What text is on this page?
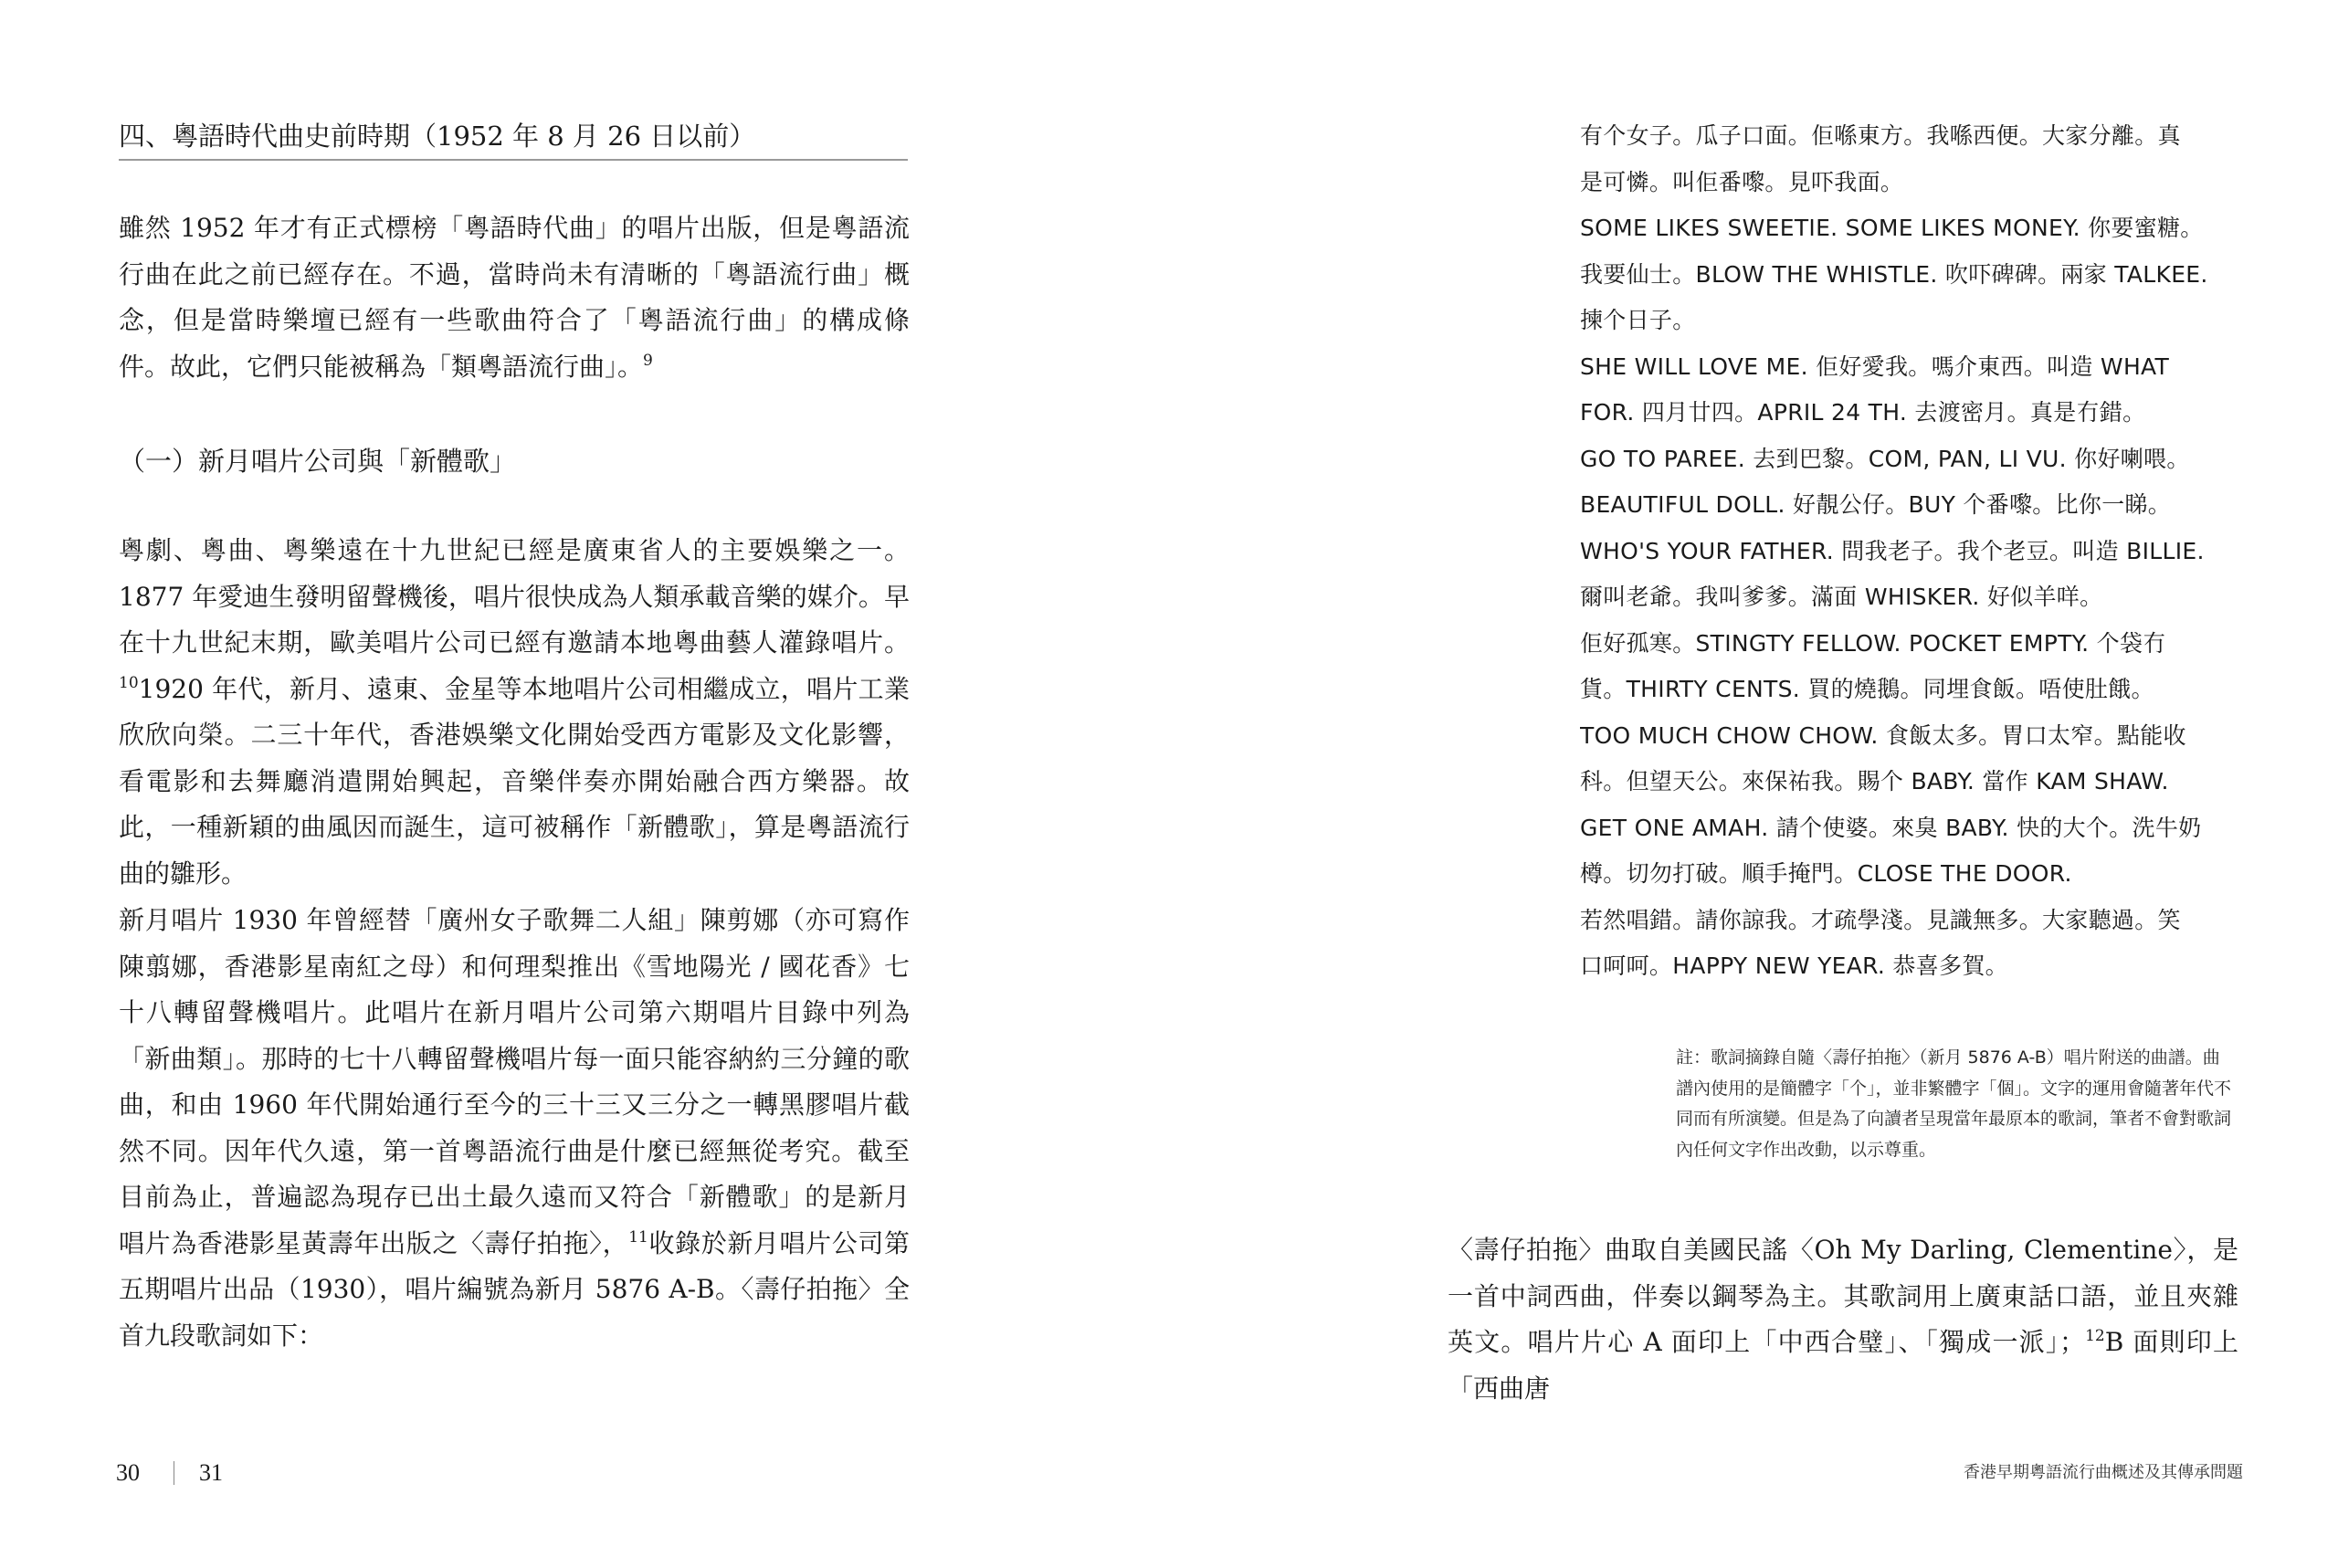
四、粵語時代曲史前時期（1952 年 8 月 26 日以前）

雖然 1952 年才有正式標榜「粵語時代曲」的唱片出版，但是粵語流行曲在此之前已經存在。不過，當時尚未有清晰的「粵語流行曲」概念，但是當時樂壇已經有一些歌曲符合了「粵語流行曲」的構成條件。故此，它們只能被稱為「類粵語流行曲」。$^9$

（一）新月唱片公司與「新體歌」

粵劇、粵曲、粵樂遠在十九世紀已經是廣東省人的主要娛樂之一。1877 年愛迪生發明留聲機後，唱片很快成為人類承載音樂的媒介。早在十九世紀末期，歐美唱片公司已經有邀請本地粵曲藝人灌錄唱片。$^{10}$1920 年代，新月、遠東、金星等本地唱片公司相繼成立，唱片工業欣欣向榮。二三十年代，香港娛樂文化開始受西方電影及文化影響，看電影和去舞廳消遣開始興起，音樂伴奏亦開始融合西方樂器。故此，一種新穎的曲風因而誕生，這可被稱作「新體歌」，算是粵語流行曲的雛形。

新月唱片 1930 年曾經替「廣州女子歌舞二人組」陳剪娜（亦可寫作陳翦娜，香港影星南紅之母）和何理梨推出《雪地陽光 / 國花香》七十八轉留聲機唱片。此唱片在新月唱片公司第六期唱片目錄中列為「新曲類」。那時的七十八轉留聲機唱片每一面只能容納約三分鐘的歌曲，和由 1960 年代開始通行至今的三十三又三分之一轉黑膠唱片截然不同。因年代久遠，第一首粵語流行曲是什麼已經無從考究。截至目前為止，普遍認為現存已出土最久遠而又符合「新體歌」的是新月唱片為香港影星黃壽年出版之〈壽仔拍拖〉，$^{11}$收錄於新月唱片公司第五期唱片出品（1930），唱片編號為新月 5876 A-B。〈壽仔拍拖〉全首九段歌詞如下：

30
有个女子。瓜子口面。佢喺東方。我喺西便。大家分離。真
是可憐。叫佢番嚟。見吓我面。
SOME LIKES SWEETIE. SOME LIKES MONEY. 你要蜜糖。
我要仙士。BLOW THE WHISTLE. 吹吓碑碑。兩家 TALKEE.
揀个日子。
SHE WILL LOVE ME. 佢好愛我。嗎介東西。叫造 WHAT
FOR. 四月廿四。APRIL 24 TH. 去渡密月。真是冇錯。
GO TO PAREE. 去到巴黎。COM, PAN, LI VU. 你好喇喂。
BEAUTIFUL DOLL. 好靚公仔。BUY 个番嚟。比你一睇。
WHO'S YOUR FATHER. 問我老子。我个老豆。叫造 BILLIE.
爾叫老爺。我叫爹爹。滿面 WHISKER. 好似羊咩。
佢好孤寒。STINGTY FELLOW. POCKET EMPTY. 个袋冇
貨。THIRTY CENTS. 買的燒鵝。同埋食飯。唔使肚餓。
TOO MUCH CHOW CHOW. 食飯太多。胃口太窄。點能收
科。但望天公。來保祐我。賜个 BABY. 當作 KAM SHAW.
GET ONE AMAH. 請个使婆。來臭 BABY. 快的大个。洗牛奶
樽。切勿打破。順手掩門。CLOSE THE DOOR.
若然唱錯。請你諒我。才疏學淺。見識無多。大家聽過。笑
口呵呵。HAPPY NEW YEAR. 恭喜多賀。

註：歌詞摘錄自隨〈壽仔拍拖〉（新月 5876 A-B）唱片附送的曲譜。曲譜內使用的是簡體字「个」，並非繁體字「個」。文字的運用會隨著年代不同而有所演變。但是為了向讀者呈現當年最原本的歌詞，筆者不會對歌詞內任何文字作出改動，以示尊重。

〈壽仔拍拖〉曲取自美國民謠〈Oh My Darling, Clementine〉，是一首中詞西曲，伴奏以鋼琴為主。其歌詞用上廣東話口語，並且夾雜英文。唱片片心 A 面印上「中西合璧」、「獨成一派」；$^{12}$B 面則印上「西曲唐

香港早期粵語流行曲概述及其傳承問題
31
